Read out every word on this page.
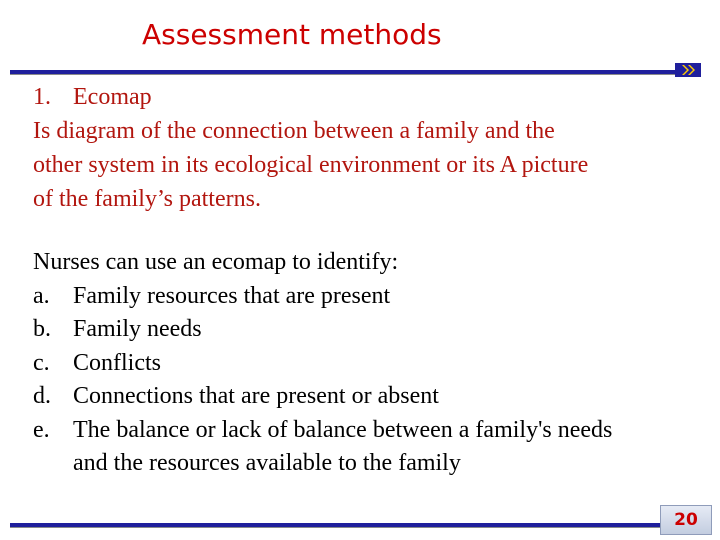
Assessment methods
1. Ecomap
Is diagram of the connection between a family and the
other system in its ecological environment or its A picture
of the family’s patterns.
Nurses can use an ecomap to identify:
a. Family resources that are present
b. Family needs
c. Conflicts
d. Connections that are present or absent
e. The balance or lack of balance between a family's needs
and the resources available to the family
20
